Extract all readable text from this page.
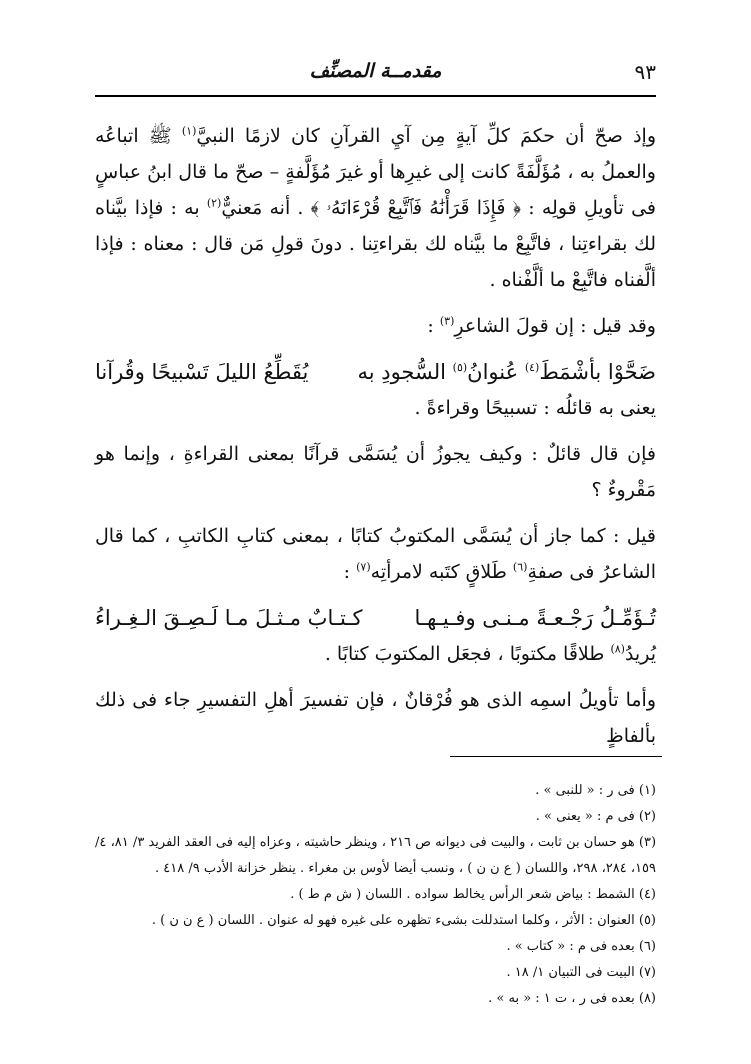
٩٣
مقدمــة المصنِّف

وإذ صحّ أن حكمَ كلِّ آيةٍ مِن آيِ القرآنِ كان لازمًا النبيَّ$^{(١)}$ ﷺ اتباعُه والعملُ به ، مُؤَلَّفَةً كانت إلى غيرِها أو غيرَ مُؤَلَّفةٍ – صحّ ما قال ابنُ عباسٍ فى تأويلِ قولِه : ﴿ فَإِذَا قَرَأْنَٰهُ فَٱتَّبِعْ قُرْءَانَهُۥ ﴾ . أنه مَعنيٌّ$^{(٢)}$ به : فإذا بيَّناه لك بقراءتِنا ، فاتَّبِعْ ما بيَّناه لك بقراءتِنا . دونَ قولِ مَن قال : معناه : فإذا ألَّفناه فاتَّبِعْ ما ألَّفْناه .

وقد قيل : إن قولَ الشاعرِ$^{(٣)}$ :

ضَحَّوْا بأشْمَطَ$^{(٤)}$ عُنوانُ$^{(٥)}$ السُّجودِ به
يُقَطِّعُ الليلَ تَسْبيحًا وقُرآنا

يعنى به قائلُه : تسبيحًا وقراءةً .

فإن قال قائلٌ : وكيف يجوزُ أن يُسَمَّى قرآنًا بمعنى القراءةِ ، وإنما هو مَقْروءٌ ؟

قيل : كما جاز أن يُسَمَّى المكتوبُ كتابًا ، بمعنى كتابِ الكاتبِ ، كما قال الشاعرُ فى صفةِ$^{(٦)}$ طَلاقٍ كتَبه لامرأتِه$^{(٧)}$ :

تُـؤَمِّـلُ رَجْـعـةً مـنـى وفـيـهـا
كـتـابٌ مـثـلَ مـا لَـصِـقَ الـغِـراءُ

يُريدُ$^{(٨)}$ طلاقًا مكتوبًا ، فجعَل المكتوبَ كتابًا .

وأما تأويلُ اسمِه الذى هو فُرْقانٌ ، فإن تفسيرَ أهلِ التفسيرِ جاء فى ذلك بألفاظٍ

(١) فى ر : « للنبى » .

(٢) فى م : « يعنى » .

(٣) هو حسان بن ثابت ، والبيت فى ديوانه ص ٢١٦ ، وينظر حاشيته ، وعزاه إليه فى العقد الفريد ٣/ ٨١، ٤/ ١٥٩، ٢٨٤، ٢٩٨، واللسان ( ع ن ن ) ، ونسب أيضا لأوس بن مغراء . ينظر خزانة الأدب ٩/ ٤١٨ .

(٤) الشمط : بياض شعر الرأس يخالط سواده . اللسان ( ش م ط ) .

(٥) العنوان : الأثر ، وكلما استدللت بشىء تظهره على غيره فهو له عنوان . اللسان ( ع ن ن ) .

(٦) بعده فى م : « كتاب » .

(٧) البيت فى التبيان ١/ ١٨ .

(٨) بعده فى ر ، ت ١ : « به » .
